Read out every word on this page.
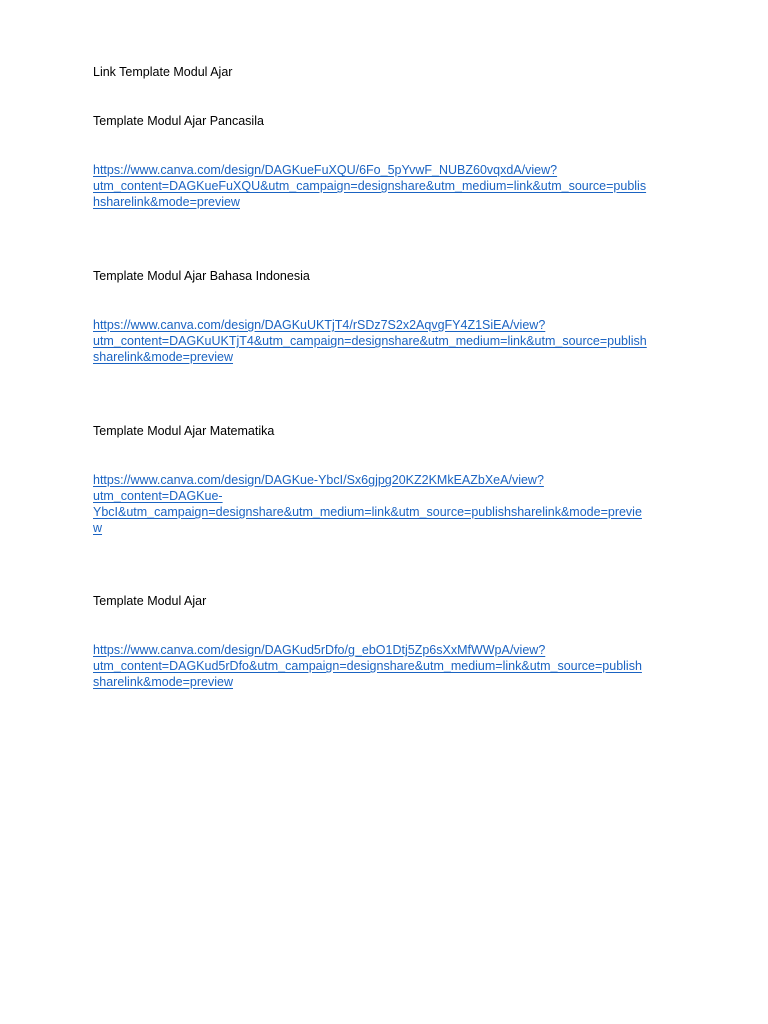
Link Template Modul Ajar
Template Modul Ajar Pancasila
https://www.canva.com/design/DAGKueFuXQU/6Fo_5pYvwF_NUBZ60vqxdA/view?
utm_content=DAGKueFuXQU&utm_campaign=designshare&utm_medium=link&utm_source=publis
hsharelink&mode=preview
Template Modul Ajar Bahasa Indonesia
https://www.canva.com/design/DAGKuUKTjT4/rSDz7S2x2AqvgFY4Z1SiEA/view?
utm_content=DAGKuUKTjT4&utm_campaign=designshare&utm_medium=link&utm_source=publish
sharelink&mode=preview
Template Modul Ajar Matematika
https://www.canva.com/design/DAGKue-YbcI/Sx6gjpg20KZ2KMkEAZbXeA/view?
utm_content=DAGKue-
YbcI&utm_campaign=designshare&utm_medium=link&utm_source=publishsharelink&mode=previe
w
Template Modul Ajar
https://www.canva.com/design/DAGKud5rDfo/g_ebO1Dtj5Zp6sXxMfWWpA/view?
utm_content=DAGKud5rDfo&utm_campaign=designshare&utm_medium=link&utm_source=publish
sharelink&mode=preview
